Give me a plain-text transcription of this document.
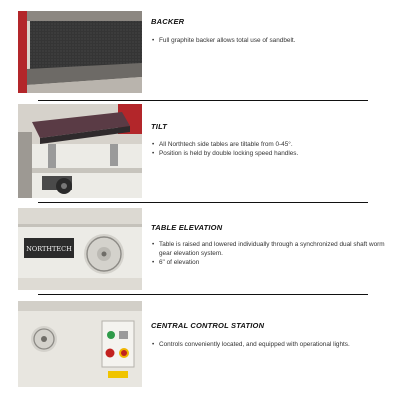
BACKER
• Full graphite backer allows total use of sandbelt.
TILT
• All Northtech side tables are tiltable from 0-45°.
• Position is held by double locking speed handles.
NORTHTECH
TABLE ELEVATION
• Table is raised and lowered individually through a synchronized dual shaft worm gear elevation system.
• 6" of elevation
CENTRAL CONTROL STATION
• Controls conveniently located, and equipped with operational lights.
